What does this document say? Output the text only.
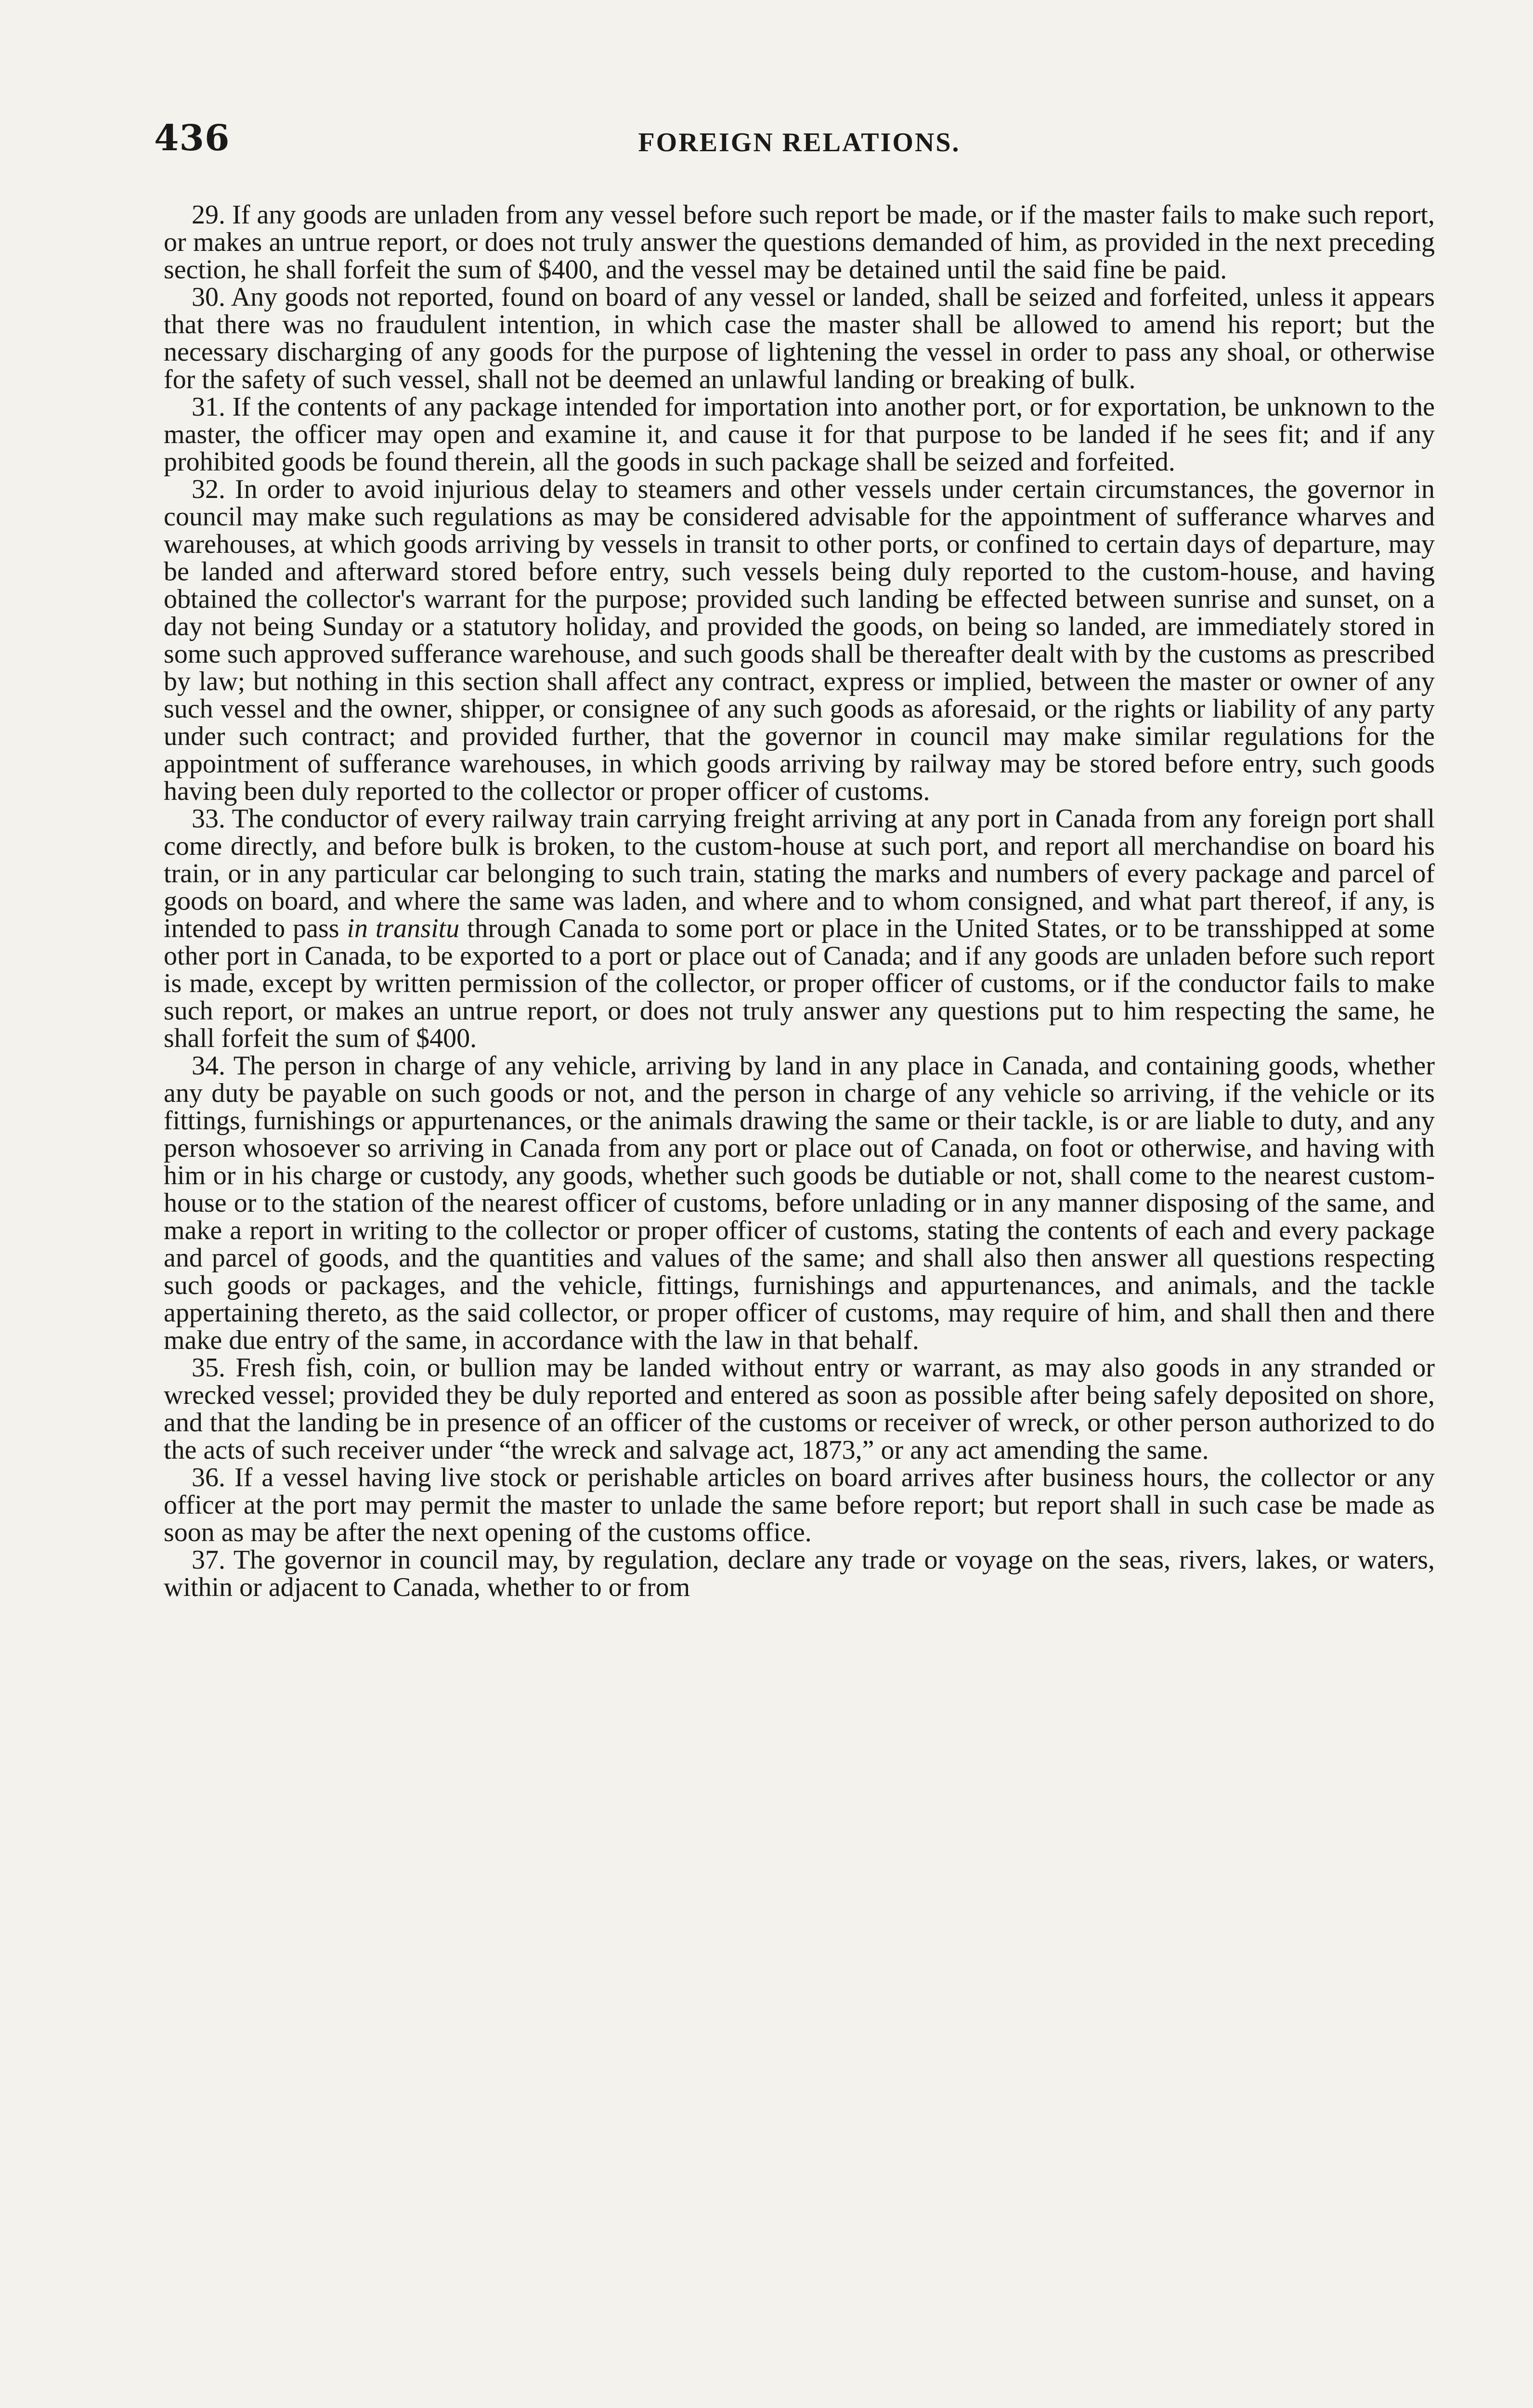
436	FOREIGN RELATIONS.

29. If any goods are unladen from any vessel before such report be made, or if the master fails to make such report, or makes an untrue report, or does not truly answer the questions demanded of him, as provided in the next preceding section, he shall forfeit the sum of $400, and the vessel may be detained until the said fine be paid.

30. Any goods not reported, found on board of any vessel or landed, shall be seized and forfeited, unless it appears that there was no fraudulent intention, in which case the master shall be allowed to amend his report; but the necessary discharging of any goods for the purpose of lightening the vessel in order to pass any shoal, or otherwise for the safety of such vessel, shall not be deemed an unlawful landing or breaking of bulk.

31. If the contents of any package intended for importation into another port, or for exportation, be unknown to the master, the officer may open and examine it, and cause it for that purpose to be landed if he sees fit; and if any prohibited goods be found therein, all the goods in such package shall be seized and forfeited.

32. In order to avoid injurious delay to steamers and other vessels under certain circumstances, the governor in council may make such regulations as may be considered advisable for the appointment of sufferance wharves and warehouses, at which goods arriving by vessels in transit to other ports, or confined to certain days of departure, may be landed and afterward stored before entry, such vessels being duly reported to the custom-house, and having obtained the collector's warrant for the purpose; provided such landing be effected between sunrise and sunset, on a day not being Sunday or a statutory holiday, and provided the goods, on being so landed, are immediately stored in some such approved sufferance warehouse, and such goods shall be thereafter dealt with by the customs as prescribed by law; but nothing in this section shall affect any contract, express or implied, between the master or owner of any such vessel and the owner, shipper, or consignee of any such goods as aforesaid, or the rights or liability of any party under such contract; and provided further, that the governor in council may make similar regulations for the appointment of sufferance warehouses, in which goods arriving by railway may be stored before entry, such goods having been duly reported to the collector or proper officer of customs.

33. The conductor of every railway train carrying freight arriving at any port in Canada from any foreign port shall come directly, and before bulk is broken, to the custom-house at such port, and report all merchandise on board his train, or in any particular car belonging to such train, stating the marks and numbers of every package and parcel of goods on board, and where the same was laden, and where and to whom consigned, and what part thereof, if any, is intended to pass in transitu through Canada to some port or place in the United States, or to be transshipped at some other port in Canada, to be exported to a port or place out of Canada; and if any goods are unladen before such report is made, except by written permission of the collector, or proper officer of customs, or if the conductor fails to make such report, or makes an untrue report, or does not truly answer any questions put to him respecting the same, he shall forfeit the sum of $400.

34. The person in charge of any vehicle, arriving by land in any place in Canada, and containing goods, whether any duty be payable on such goods or not, and the person in charge of any vehicle so arriving, if the vehicle or its fittings, furnishings or appurtenances, or the animals drawing the same or their tackle, is or are liable to duty, and any person whosoever so arriving in Canada from any port or place out of Canada, on foot or otherwise, and having with him or in his charge or custody, any goods, whether such goods be dutiable or not, shall come to the nearest custom-house or to the station of the nearest officer of customs, before unlading or in any manner disposing of the same, and make a report in writing to the collector or proper officer of customs, stating the contents of each and every package and parcel of goods, and the quantities and values of the same; and shall also then answer all questions respecting such goods or packages, and the vehicle, fittings, furnishings and appurtenances, and animals, and the tackle appertaining thereto, as the said collector, or proper officer of customs, may require of him, and shall then and there make due entry of the same, in accordance with the law in that behalf.

35. Fresh fish, coin, or bullion may be landed without entry or warrant, as may also goods in any stranded or wrecked vessel; provided they be duly reported and entered as soon as possible after being safely deposited on shore, and that the landing be in presence of an officer of the customs or receiver of wreck, or other person authorized to do the acts of such receiver under “the wreck and salvage act, 1873,” or any act amending the same.

36. If a vessel having live stock or perishable articles on board arrives after business hours, the collector or any officer at the port may permit the master to unlade the same before report; but report shall in such case be made as soon as may be after the next opening of the customs office.

37. The governor in council may, by regulation, declare any trade or voyage on the seas, rivers, lakes, or waters, within or adjacent to Canada, whether to or from
